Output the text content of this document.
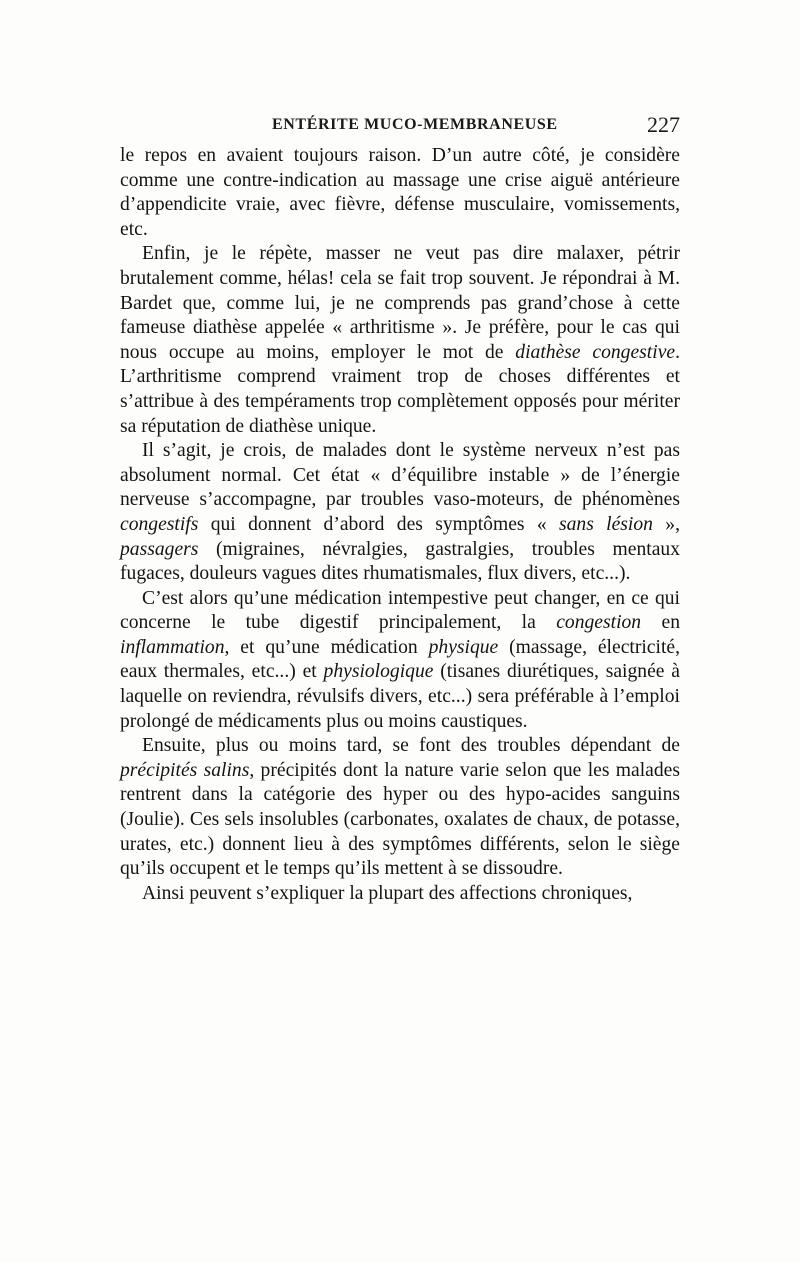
ENTÉRITE MUCO-MEMBRANEUSE	227

le repos en avaient toujours raison. D’un autre côté, je considère comme une contre-indication au massage une crise aiguë antérieure d’appendicite vraie, avec fièvre, défense musculaire, vomissements, etc.

Enfin, je le répète, masser ne veut pas dire malaxer, pétrir brutalement comme, hélas! cela se fait trop souvent. Je répondrai à M. Bardet que, comme lui, je ne comprends pas grand’chose à cette fameuse diathèse appelée « arthritisme ». Je préfère, pour le cas qui nous occupe au moins, employer le mot de diathèse congestive. L’arthritisme comprend vraiment trop de choses différentes et s’attribue à des tempéraments trop complètement opposés pour mériter sa réputation de diathèse unique.

Il s’agit, je crois, de malades dont le système nerveux n’est pas absolument normal. Cet état « d’équilibre instable » de l’énergie nerveuse s’accompagne, par troubles vaso-moteurs, de phénomènes congestifs qui donnent d’abord des symptômes « sans lésion », passagers (migraines, névralgies, gastralgies, troubles mentaux fugaces, douleurs vagues dites rhumatismales, flux divers, etc...).

C’est alors qu’une médication intempestive peut changer, en ce qui concerne le tube digestif principalement, la congestion en inflammation, et qu’une médication physique (massage, électricité, eaux thermales, etc...) et physiologique (tisanes diurétiques, saignée à laquelle on reviendra, révulsifs divers, etc...) sera préférable à l’emploi prolongé de médicaments plus ou moins caustiques.

Ensuite, plus ou moins tard, se font des troubles dépendant de précipités salins, précipités dont la nature varie selon que les malades rentrent dans la catégorie des hyper ou des hypo-acides sanguins (Joulie). Ces sels insolubles (carbonates, oxalates de chaux, de potasse, urates, etc.) donnent lieu à des symptômes différents, selon le siège qu’ils occupent et le temps qu’ils mettent à se dissoudre.

Ainsi peuvent s’expliquer la plupart des affections chroniques,
